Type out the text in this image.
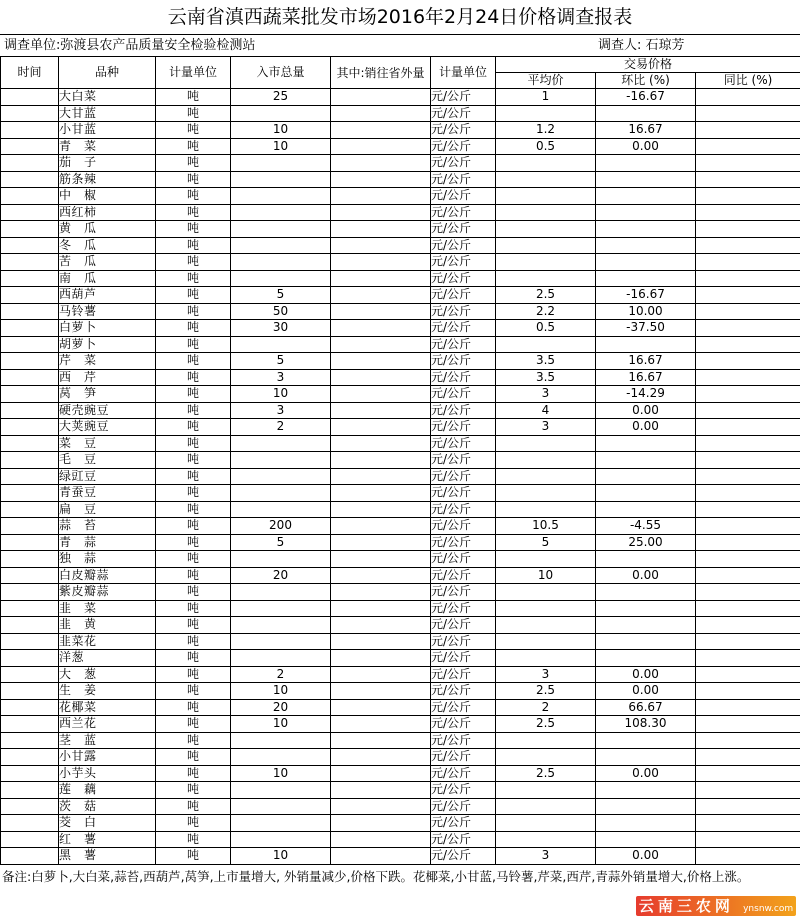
云南省滇西蔬菜批发市场2016年2月24日价格调查报表
调查单位:弥渡县农产品质量安全检验检测站	调查人: 石琼芳
时间	品种	计量单位	入市总量	其中:销往省外量	计量单位	交易价格		
						平均价	环比 (%)	同比 (%)
	大白菜	吨	25		元/公斤	1	-16.67	
	大甘蓝	吨			元/公斤			
	小甘蓝	吨	10		元/公斤	1.2	16.67	
	青　菜	吨	10		元/公斤	0.5	0.00	
	茄　子	吨			元/公斤			
	筋条辣	吨			元/公斤			
	中　椒	吨			元/公斤			
	西红柿	吨			元/公斤			
	黄　瓜	吨			元/公斤			
	冬　瓜	吨			元/公斤			
	苦　瓜	吨			元/公斤			
	南　瓜	吨			元/公斤			
	西葫芦	吨	5		元/公斤	2.5	-16.67	
	马铃薯	吨	50		元/公斤	2.2	10.00	
	白萝卜	吨	30		元/公斤	0.5	-37.50	
	胡萝卜	吨			元/公斤			
	芹　菜	吨	5		元/公斤	3.5	16.67	
	西　芹	吨	3		元/公斤	3.5	16.67	
	莴　笋	吨	10		元/公斤	3	-14.29	
	硬壳豌豆	吨	3		元/公斤	4	0.00	
	大荚豌豆	吨	2		元/公斤	3	0.00	
	菜　豆	吨			元/公斤			
	毛　豆	吨			元/公斤			
	绿豇豆	吨			元/公斤			
	青蚕豆	吨			元/公斤			
	扁　豆	吨			元/公斤			
	蒜　苔	吨	200		元/公斤	10.5	-4.55	
	青　蒜	吨	5		元/公斤	5	25.00	
	独　蒜	吨			元/公斤			
	白皮瓣蒜	吨	20		元/公斤	10	0.00	
	紫皮瓣蒜	吨			元/公斤			
	韭　菜	吨			元/公斤			
	韭　黄	吨			元/公斤			
	韭菜花	吨			元/公斤			
	洋葱	吨			元/公斤			
	大　葱	吨	2		元/公斤	3	0.00	
	生　姜	吨	10		元/公斤	2.5	0.00	
	花椰菜	吨	20		元/公斤	2	66.67	
	西兰花	吨	10		元/公斤	2.5	108.30	
	茎　蓝	吨			元/公斤			
	小甘露	吨			元/公斤			
	小芋头	吨	10		元/公斤	2.5	0.00	
	莲　藕	吨			元/公斤			
	茨　菇	吨			元/公斤			
	茭　白	吨			元/公斤			
	红　薯	吨			元/公斤			
	黑　薯	吨	10		元/公斤	3	0.00	
备注:白萝卜,大白菜,蒜苔,西葫芦,莴笋,上市量增大, 外销量减少,价格下跌。花椰菜,小甘蓝,马铃薯,芹菜,西芹,青蒜外销量增大,价格上涨。
云南三农网 ynsnw.com
